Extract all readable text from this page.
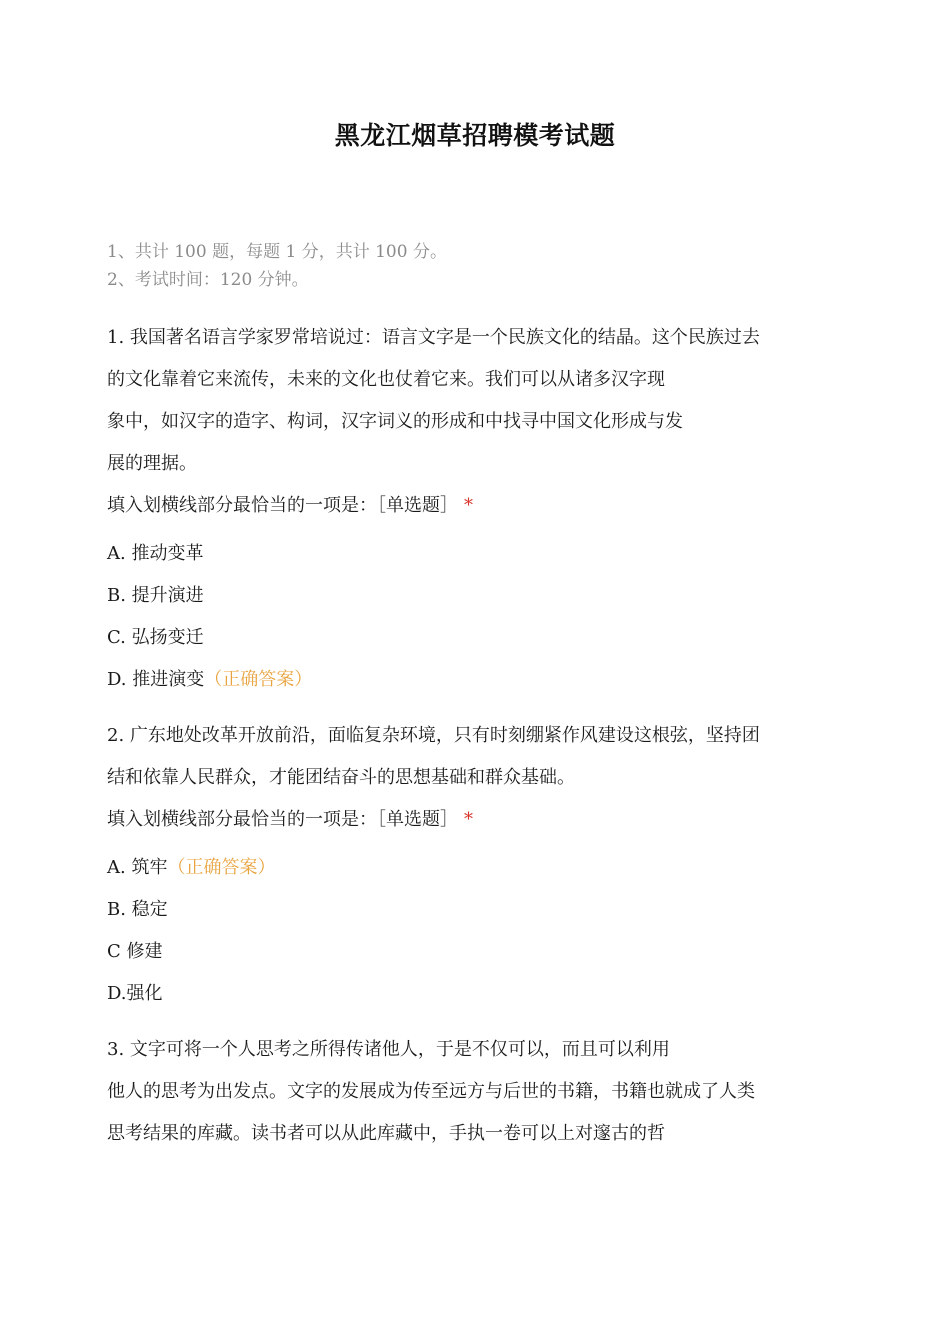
黑龙江烟草招聘模考试题
1、共计 100 题，每题 1 分，共计 100 分。
2、考试时间：120 分钟。
1. 我国著名语言学家罗常培说过：语言文字是一个民族文化的结晶。这个民族过去
的文化靠着它来流传，未来的文化也仗着它来。我们可以从诸多汉字现
象中，如汉字的造字、构词，汉字词义的形成和中找寻中国文化形成与发
展的理据。
填入划横线部分最恰当的一项是：［单选题］ *
A. 推动变革
B. 提升演进
C. 弘扬变迁
D. 推进演变（正确答案）
2. 广东地处改革开放前沿，面临复杂环境，只有时刻绷紧作风建设这根弦，坚持团
结和依靠人民群众，才能团结奋斗的思想基础和群众基础。
填入划横线部分最恰当的一项是：［单选题］ *
A. 筑牢（正确答案）
B. 稳定
C 修建
D.强化
3. 文字可将一个人思考之所得传诸他人，于是不仅可以，而且可以利用
他人的思考为出发点。文字的发展成为传至远方与后世的书籍，书籍也就成了人类
思考结果的库藏。读书者可以从此库藏中，手执一卷可以上对邃古的哲
